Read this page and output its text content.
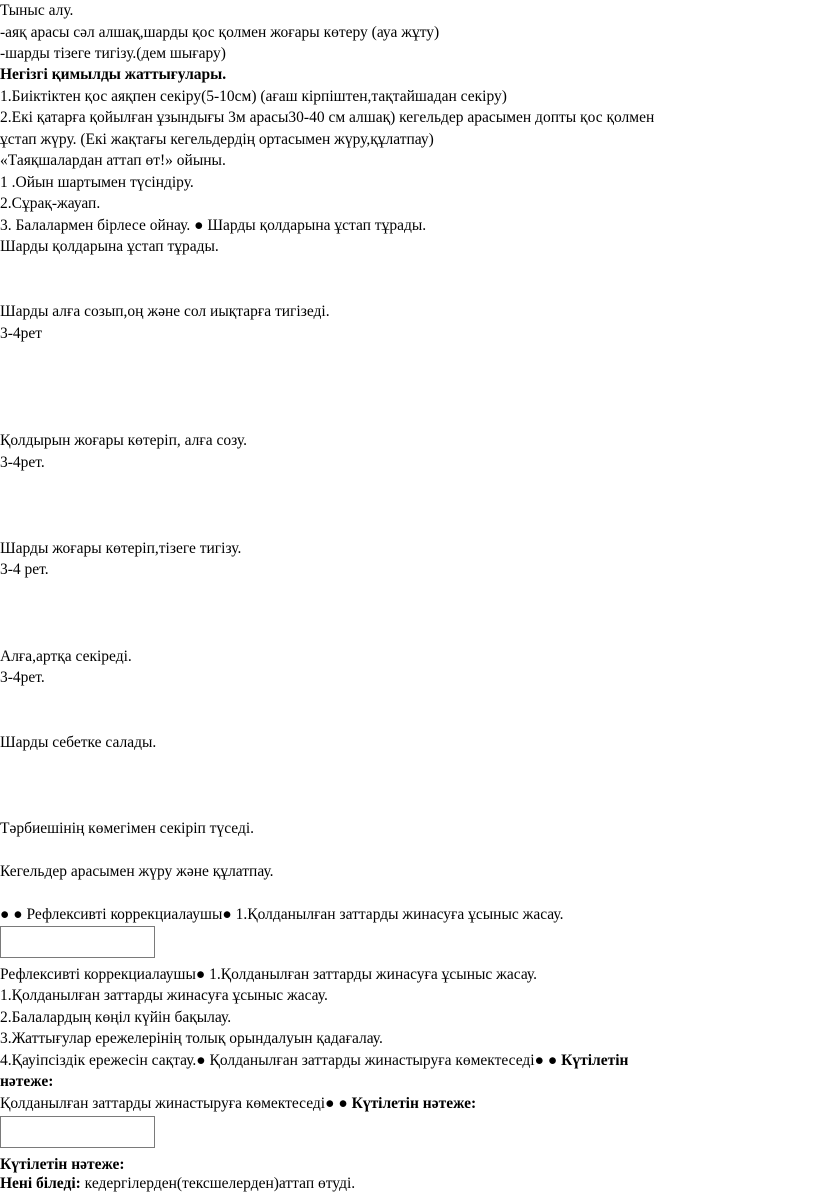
Тыныс алу.
-аяқ арасы сәл алшақ,шарды қос қолмен жоғары көтеру (ауа жұту)
-шарды тізеге тигізу.(дем шығару)
Негізгі қимылды жаттығулары.
1.Биіктіктен қос аяқпен секіру(5-10см) (ағаш кірпіштен,тақтайшадан секіру)
2.Екі қатарға қойылған ұзындығы 3м арасы30-40 см алшақ) кегельдер арасымен допты қос қолмен
ұстап жүру. (Екі жақтағы кегельдердің ортасымен жүру,құлатпау)
«Таяқшалардан аттап өт!» ойыны.
1 .Ойын шартымен түсіндіру.
2.Сұрақ-жауап.
3. Балалармен бірлесе ойнау. ● Шарды қолдарына ұстап тұрады.
Шарды қолдарына ұстап тұрады.
Шарды алға созып,оң және сол иықтарға тигізеді.
3-4рет
Қолдырын жоғары көтеріп, алға созу.
3-4рет.
Шарды жоғары көтеріп,тізеге тигізу.
3-4 рет.
Алға,артқа секіреді.
3-4рет.
Шарды себетке салады.
Тәрбиешінің көмегімен секіріп түседі.
Кегельдер арасымен жүру және құлатпау.
● ● Рефлексивті коррекциалаушы● 1.Қолданылған заттарды жинасуға ұсыныс жасау.
Рефлексивті коррекциалаушы● 1.Қолданылған заттарды жинасуға ұсыныс жасау.
1.Қолданылған заттарды жинасуға ұсыныс жасау.
2.Балалардың көңіл күйін бақылау.
3.Жаттығулар ережелерінің толық орындалуын қадағалау.
4.Қауіпсіздік ережесін сақтау.● Қолданылған заттарды жинастыруға көмектеседі● ● Күтілетін
нәтеже:
Қолданылған заттарды жинастыруға көмектеседі● ● Күтілетін нәтеже:
Күтілетін нәтеже:
Нені біледі: кедергілерден(тексшелерден)аттап өтуді.
